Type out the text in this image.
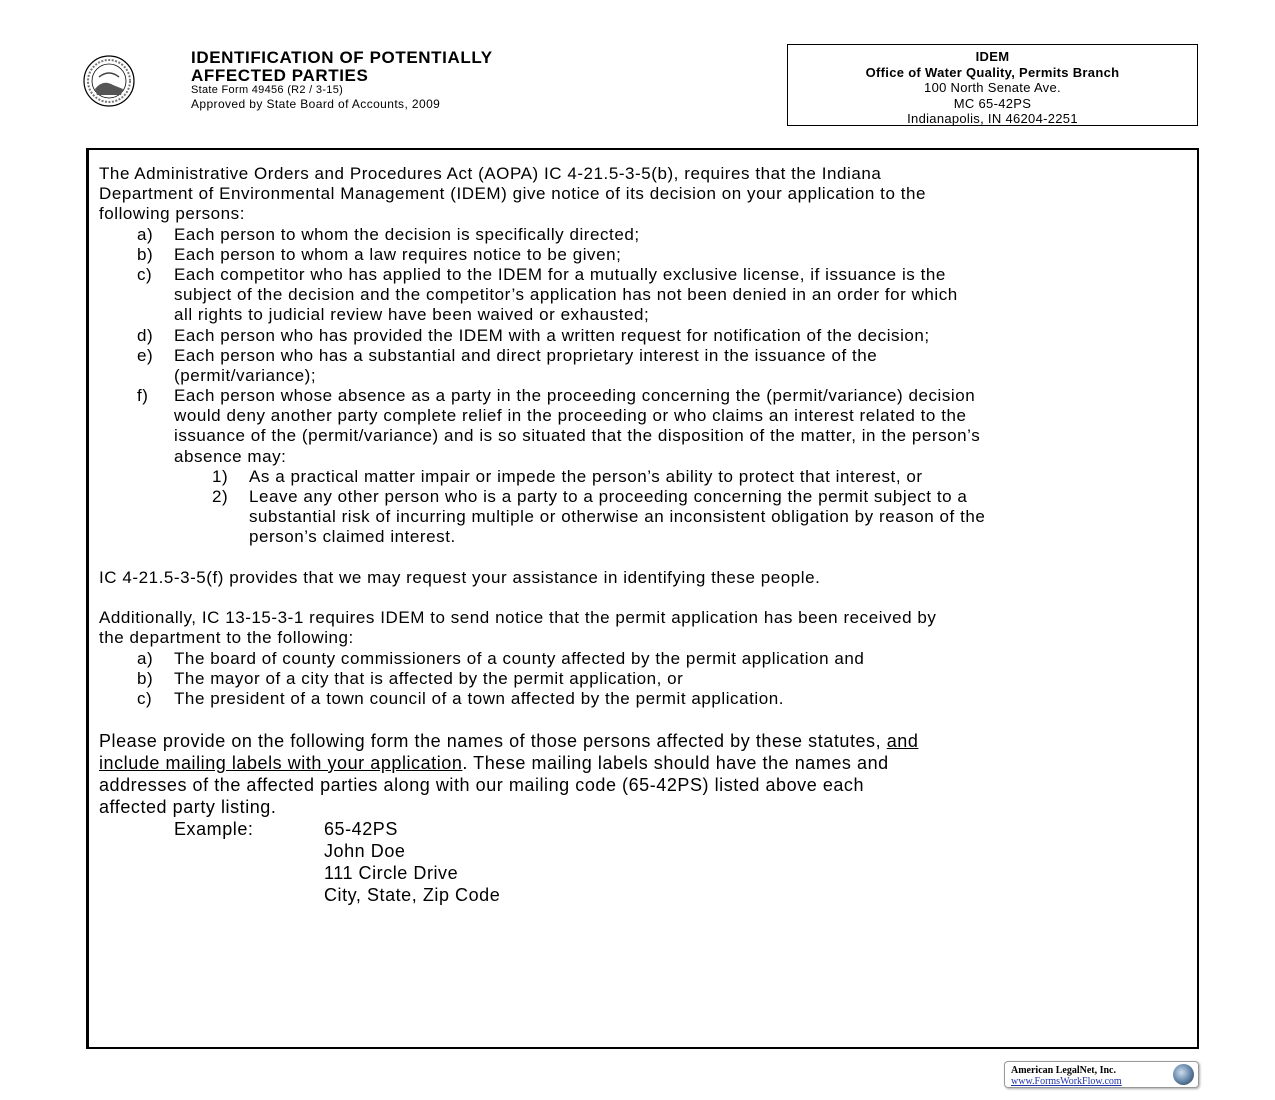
IDENTIFICATION OF POTENTIALLY
AFFECTED PARTIES
State Form 49456 (R2 / 3-15)
Approved by State Board of Accounts, 2009
IDEM
Office of Water Quality, Permits Branch
100 North Senate Ave.
MC 65-42PS
Indianapolis, IN 46204-2251
The Administrative Orders and Procedures Act (AOPA) IC 4-21.5-3-5(b), requires that the Indiana
Department of Environmental Management (IDEM) give notice of its decision on your application to the
following persons:
a) Each person to whom the decision is specifically directed;
b) Each person to whom a law requires notice to be given;
c) Each competitor who has applied to the IDEM for a mutually exclusive license, if issuance is the
subject of the decision and the competitor’s application has not been denied in an order for which
all rights to judicial review have been waived or exhausted;
d) Each person who has provided the IDEM with a written request for notification of the decision;
e) Each person who has a substantial and direct proprietary interest in the issuance of the
(permit/variance);
f) Each person whose absence as a party in the proceeding concerning the (permit/variance) decision
would deny another party complete relief in the proceeding or who claims an interest related to the
issuance of the (permit/variance) and is so situated that the disposition of the matter, in the person’s
absence may:
1) As a practical matter impair or impede the person’s ability to protect that interest, or
2) Leave any other person who is a party to a proceeding concerning the permit subject to a
substantial risk of incurring multiple or otherwise an inconsistent obligation by reason of the
person’s claimed interest.
IC 4-21.5-3-5(f) provides that we may request your assistance in identifying these people.
Additionally, IC 13-15-3-1 requires IDEM to send notice that the permit application has been received by
the department to the following:
a) The board of county commissioners of a county affected by the permit application and
b) The mayor of a city that is affected by the permit application, or
c) The president of a town council of a town affected by the permit application.
Please provide on the following form the names of those persons affected by these statutes, and
include mailing labels with your application. These mailing labels should have the names and
addresses of the affected parties along with our mailing code (65-42PS) listed above each
affected party listing.
Example:	65-42PS
John Doe
111 Circle Drive
City, State, Zip Code
American LegalNet, Inc.
www.FormsWorkFlow.com
